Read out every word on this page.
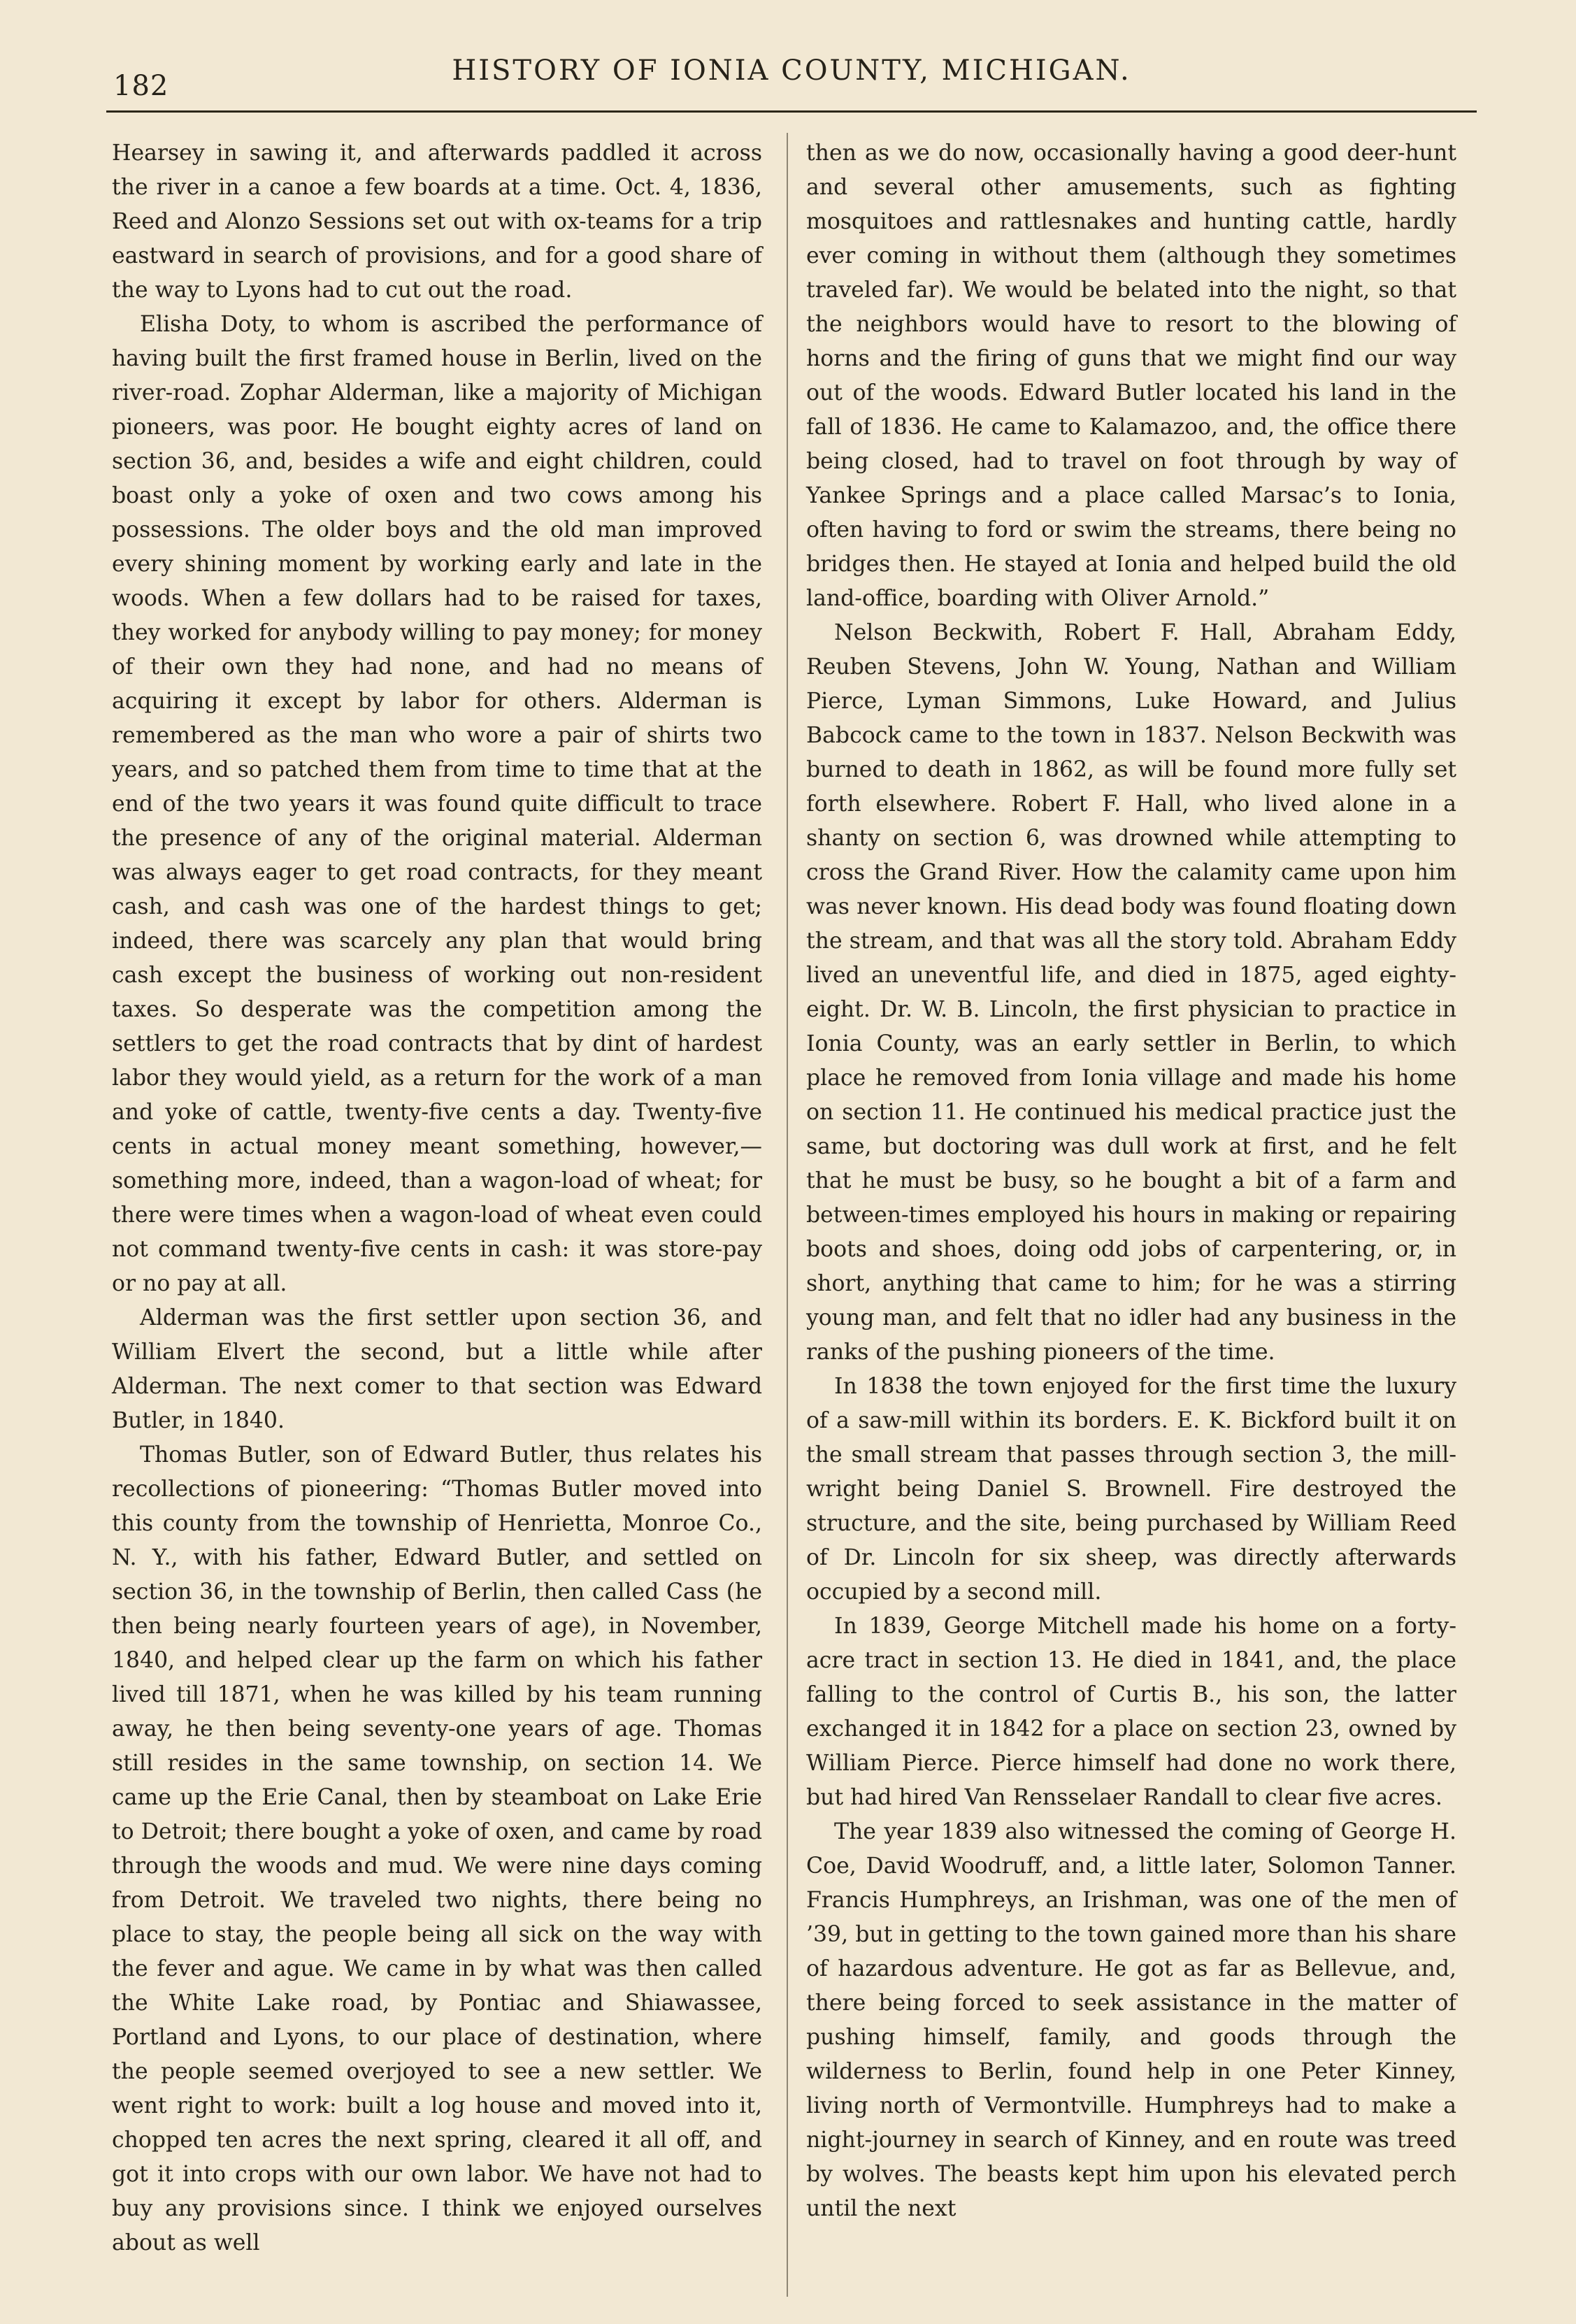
182	HISTORY OF IONIA COUNTY, MICHIGAN.

Hearsey in sawing it, and afterwards paddled it across the river in a canoe a few boards at a time. Oct. 4, 1836, Reed and Alonzo Sessions set out with ox-teams for a trip eastward in search of provisions, and for a good share of the way to Lyons had to cut out the road.

Elisha Doty, to whom is ascribed the performance of having built the first framed house in Berlin, lived on the river-road. Zophar Alderman, like a majority of Michigan pioneers, was poor. He bought eighty acres of land on section 36, and, besides a wife and eight children, could boast only a yoke of oxen and two cows among his possessions. The older boys and the old man improved every shining moment by working early and late in the woods. When a few dollars had to be raised for taxes, they worked for anybody willing to pay money; for money of their own they had none, and had no means of acquiring it except by labor for others. Alderman is remembered as the man who wore a pair of shirts two years, and so patched them from time to time that at the end of the two years it was found quite difficult to trace the presence of any of the original material. Alderman was always eager to get road contracts, for they meant cash, and cash was one of the hardest things to get; indeed, there was scarcely any plan that would bring cash except the business of working out non-resident taxes. So desperate was the competition among the settlers to get the road contracts that by dint of hardest labor they would yield, as a return for the work of a man and yoke of cattle, twenty-five cents a day. Twenty-five cents in actual money meant something, however,—something more, indeed, than a wagon-load of wheat; for there were times when a wagon-load of wheat even could not command twenty-five cents in cash: it was store-pay or no pay at all.

Alderman was the first settler upon section 36, and William Elvert the second, but a little while after Alderman. The next comer to that section was Edward Butler, in 1840.

Thomas Butler, son of Edward Butler, thus relates his recollections of pioneering: “Thomas Butler moved into this county from the township of Henrietta, Monroe Co., N. Y., with his father, Edward Butler, and settled on section 36, in the township of Berlin, then called Cass (he then being nearly fourteen years of age), in November, 1840, and helped clear up the farm on which his father lived till 1871, when he was killed by his team running away, he then being seventy-one years of age. Thomas still resides in the same township, on section 14. We came up the Erie Canal, then by steamboat on Lake Erie to Detroit; there bought a yoke of oxen, and came by road through the woods and mud. We were nine days coming from Detroit. We traveled two nights, there being no place to stay, the people being all sick on the way with the fever and ague. We came in by what was then called the White Lake road, by Pontiac and Shiawassee, Portland and Lyons, to our place of destination, where the people seemed overjoyed to see a new settler. We went right to work: built a log house and moved into it, chopped ten acres the next spring, cleared it all off, and got it into crops with our own labor. We have not had to buy any provisions since. I think we enjoyed ourselves about as well

then as we do now, occasionally having a good deer-hunt and several other amusements, such as fighting mosquitoes and rattlesnakes and hunting cattle, hardly ever coming in without them (although they sometimes traveled far). We would be belated into the night, so that the neighbors would have to resort to the blowing of horns and the firing of guns that we might find our way out of the woods. Edward Butler located his land in the fall of 1836. He came to Kalamazoo, and, the office there being closed, had to travel on foot through by way of Yankee Springs and a place called Marsac’s to Ionia, often having to ford or swim the streams, there being no bridges then. He stayed at Ionia and helped build the old land-office, boarding with Oliver Arnold.”

Nelson Beckwith, Robert F. Hall, Abraham Eddy, Reuben Stevens, John W. Young, Nathan and William Pierce, Lyman Simmons, Luke Howard, and Julius Babcock came to the town in 1837. Nelson Beckwith was burned to death in 1862, as will be found more fully set forth elsewhere. Robert F. Hall, who lived alone in a shanty on section 6, was drowned while attempting to cross the Grand River. How the calamity came upon him was never known. His dead body was found floating down the stream, and that was all the story told. Abraham Eddy lived an uneventful life, and died in 1875, aged eighty-eight. Dr. W. B. Lincoln, the first physician to practice in Ionia County, was an early settler in Berlin, to which place he removed from Ionia village and made his home on section 11. He continued his medical practice just the same, but doctoring was dull work at first, and he felt that he must be busy, so he bought a bit of a farm and between-times employed his hours in making or repairing boots and shoes, doing odd jobs of carpentering, or, in short, anything that came to him; for he was a stirring young man, and felt that no idler had any business in the ranks of the pushing pioneers of the time.

In 1838 the town enjoyed for the first time the luxury of a saw-mill within its borders. E. K. Bickford built it on the small stream that passes through section 3, the mill-wright being Daniel S. Brownell. Fire destroyed the structure, and the site, being purchased by William Reed of Dr. Lincoln for six sheep, was directly afterwards occupied by a second mill.

In 1839, George Mitchell made his home on a forty-acre tract in section 13. He died in 1841, and, the place falling to the control of Curtis B., his son, the latter exchanged it in 1842 for a place on section 23, owned by William Pierce. Pierce himself had done no work there, but had hired Van Rensselaer Randall to clear five acres.

The year 1839 also witnessed the coming of George H. Coe, David Woodruff, and, a little later, Solomon Tanner. Francis Humphreys, an Irishman, was one of the men of ’39, but in getting to the town gained more than his share of hazardous adventure. He got as far as Bellevue, and, there being forced to seek assistance in the matter of pushing himself, family, and goods through the wilderness to Berlin, found help in one Peter Kinney, living north of Vermontville. Humphreys had to make a night-journey in search of Kinney, and en route was treed by wolves. The beasts kept him upon his elevated perch until the next
